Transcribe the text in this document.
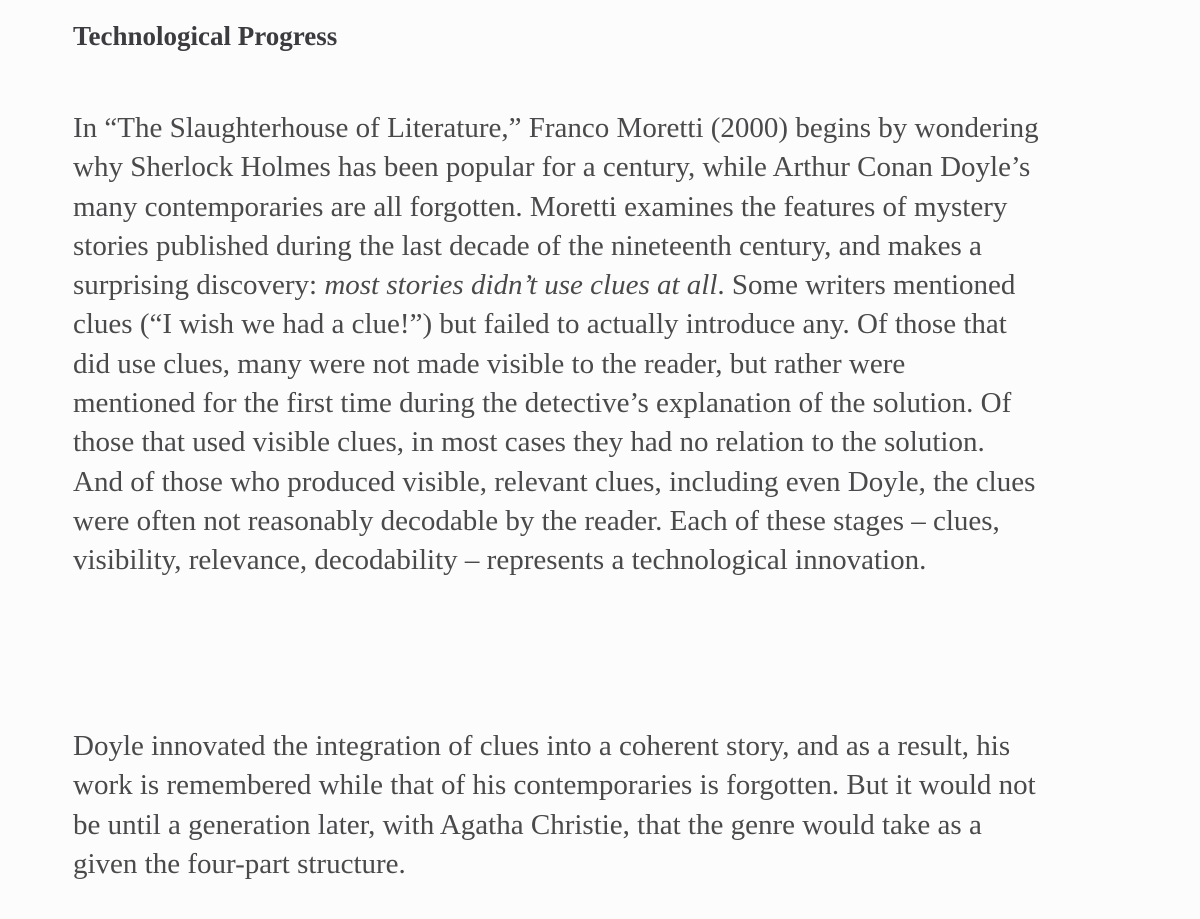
Technological Progress

In “The Slaughterhouse of Literature,” Franco Moretti (2000) begins by wondering
why Sherlock Holmes has been popular for a century, while Arthur Conan Doyle’s
many contemporaries are all forgotten. Moretti examines the features of mystery
stories published during the last decade of the nineteenth century, and makes a
surprising discovery: most stories didn’t use clues at all. Some writers mentioned
clues (“I wish we had a clue!”) but failed to actually introduce any. Of those that
did use clues, many were not made visible to the reader, but rather were
mentioned for the first time during the detective’s explanation of the solution. Of
those that used visible clues, in most cases they had no relation to the solution.
And of those who produced visible, relevant clues, including even Doyle, the clues
were often not reasonably decodable by the reader. Each of these stages – clues,
visibility, relevance, decodability – represents a technological innovation.

Doyle innovated the integration of clues into a coherent story, and as a result, his
work is remembered while that of his contemporaries is forgotten. But it would not
be until a generation later, with Agatha Christie, that the genre would take as a
given the four-part structure.
